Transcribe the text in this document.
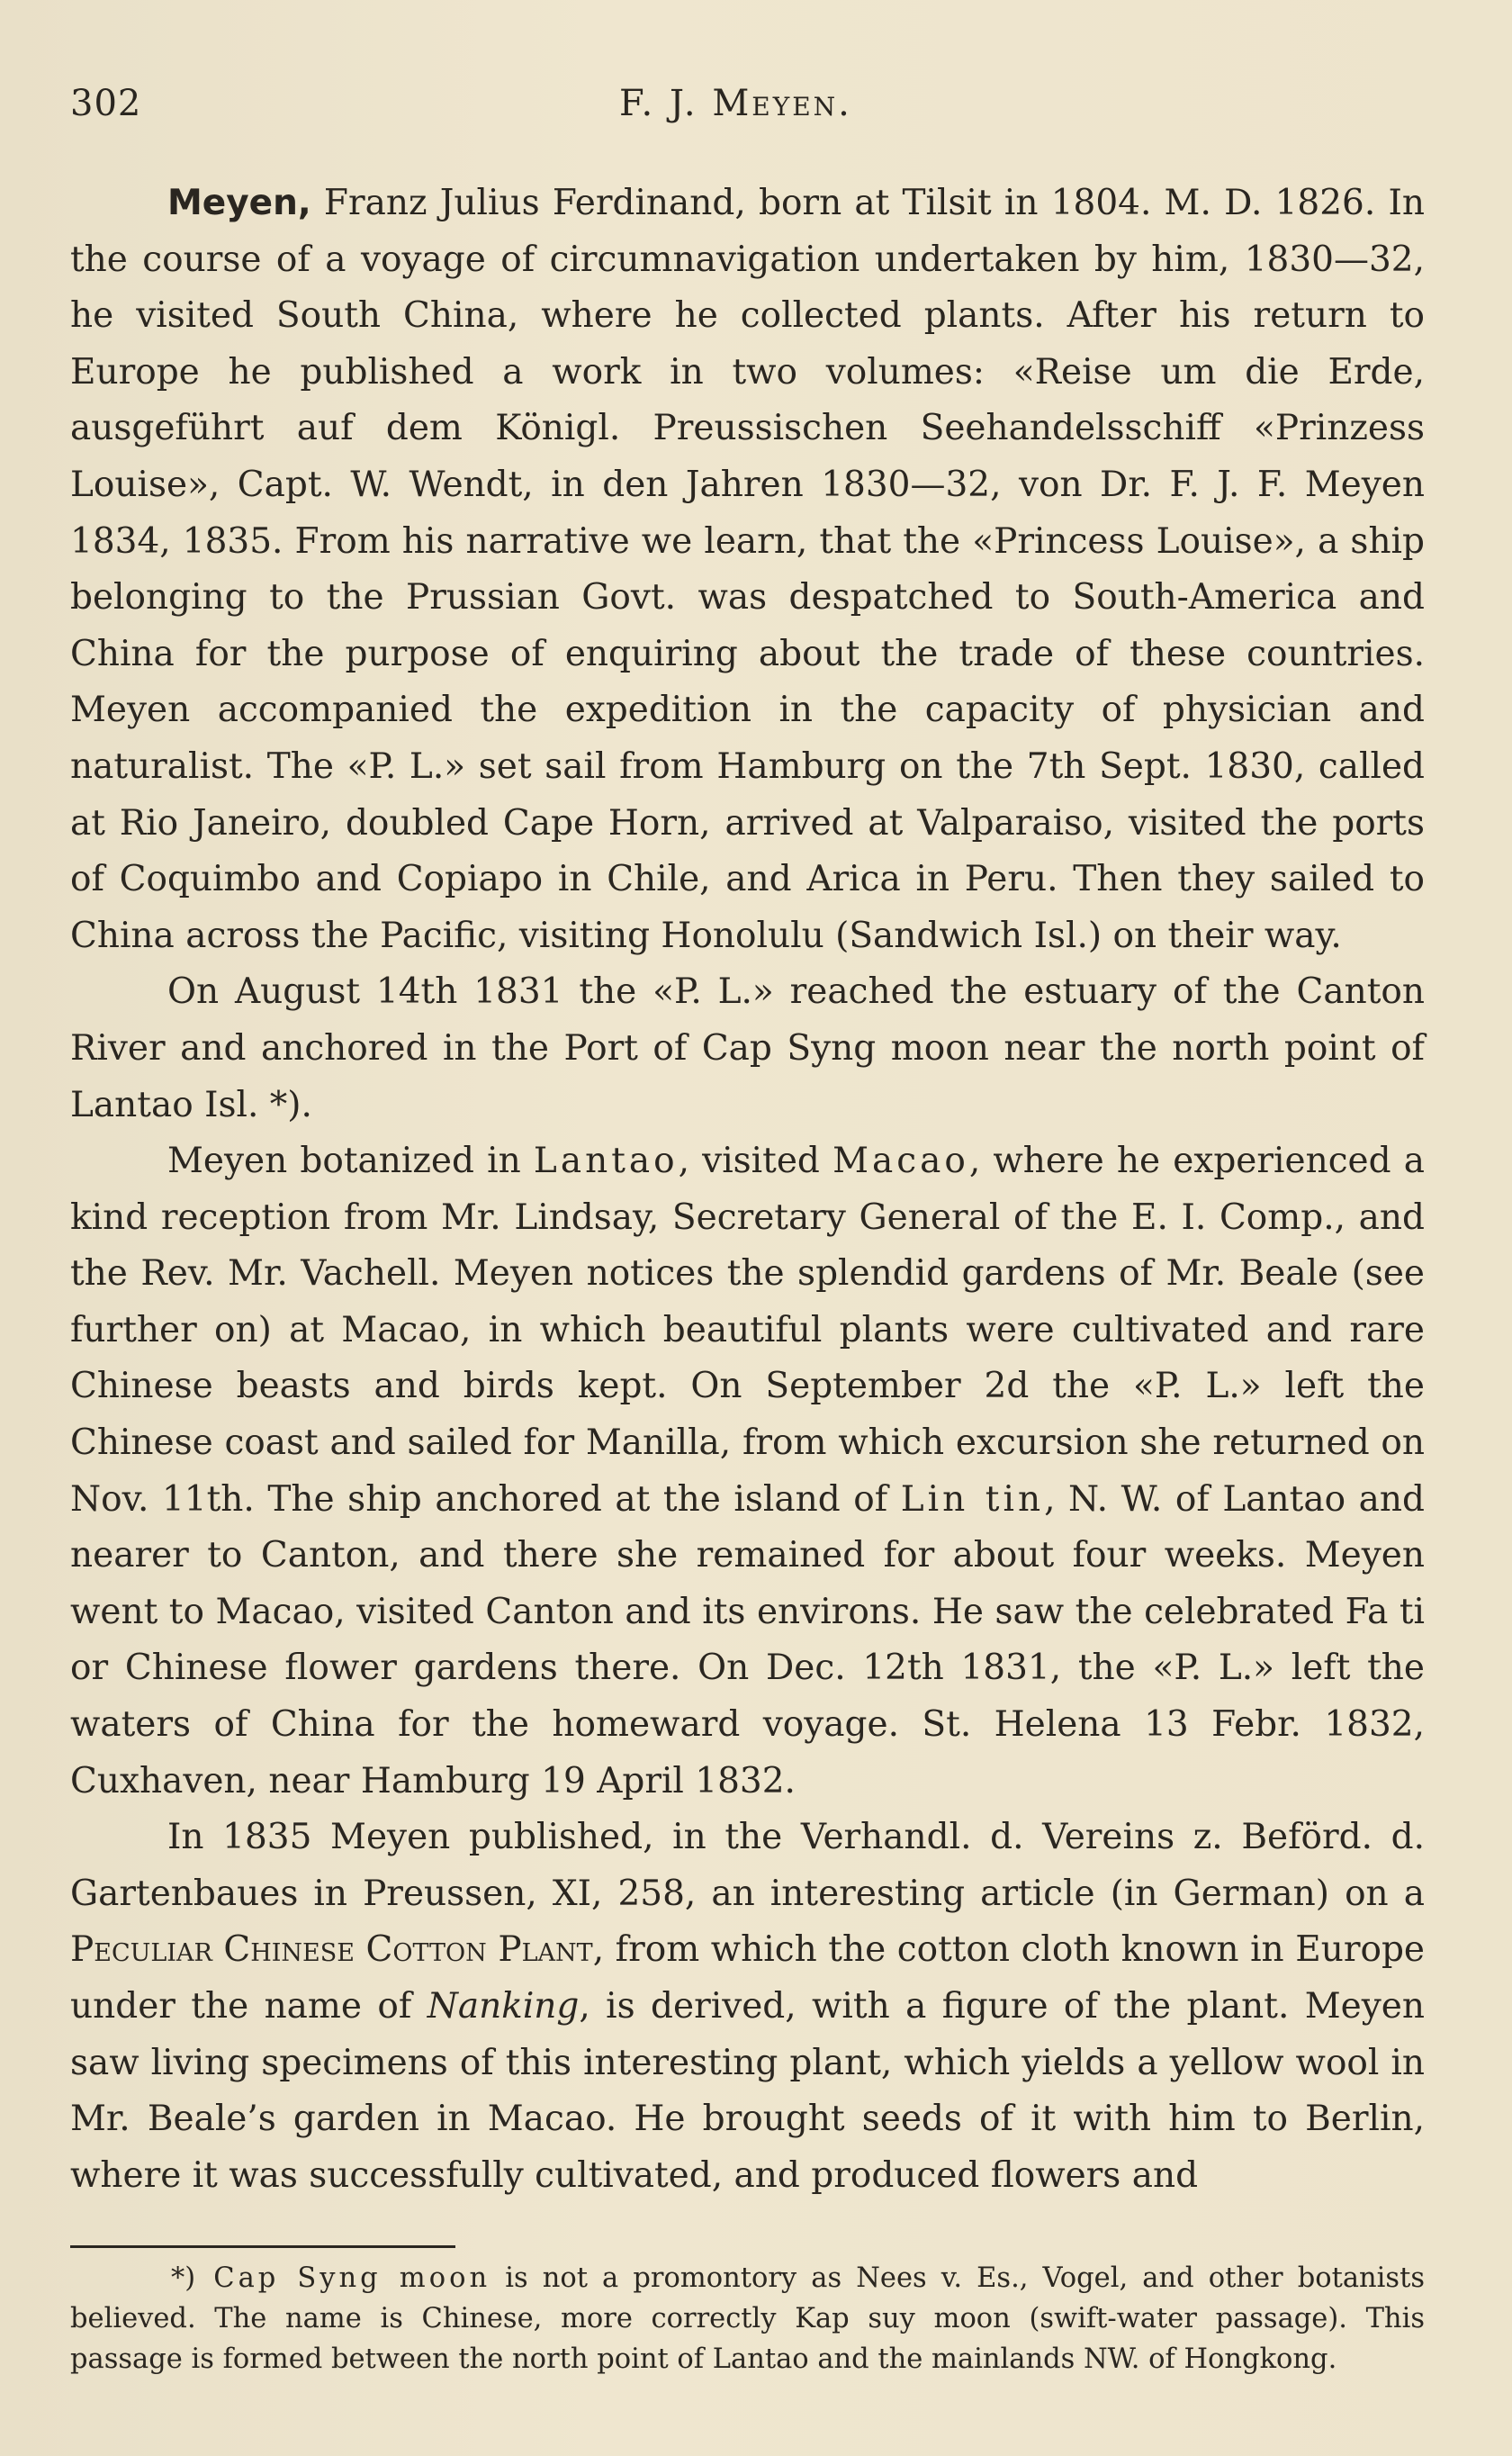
302	F. J. Meyen.

Meyen, Franz Julius Ferdinand, born at Tilsit in 1804. M. D. 1826. In the course of a voyage of circumnavigation undertaken by him, 1830—32, he visited South China, where he collected plants. After his return to Europe he published a work in two volumes: «Reise um die Erde, ausgeführt auf dem Königl. Preussischen Seehandelsschiff «Prinzess Louise», Capt. W. Wendt, in den Jahren 1830—32, von Dr. F. J. F. Meyen 1834, 1835. From his narrative we learn, that the «Princess Louise», a ship belonging to the Prussian Govt. was despatched to South-America and China for the purpose of enquiring about the trade of these countries. Meyen accompanied the expedition in the capacity of physician and naturalist. The «P. L.» set sail from Hamburg on the 7th Sept. 1830, called at Rio Janeiro, doubled Cape Horn, arrived at Valparaiso, visited the ports of Coquimbo and Copiapo in Chile, and Arica in Peru. Then they sailed to China across the Pacific, visiting Honolulu (Sandwich Isl.) on their way.

On August 14th 1831 the «P. L.» reached the estuary of the Canton River and anchored in the Port of Cap Syng moon near the north point of Lantao Isl. *).

Meyen botanized in Lantao, visited Macao, where he experienced a kind reception from Mr. Lindsay, Secretary General of the E. I. Comp., and the Rev. Mr. Vachell. Meyen notices the splendid gardens of Mr. Beale (see further on) at Macao, in which beautiful plants were cultivated and rare Chinese beasts and birds kept. On September 2d the «P. L.» left the Chinese coast and sailed for Manilla, from which excursion she returned on Nov. 11th. The ship anchored at the island of Lin tin, N. W. of Lantao and nearer to Canton, and there she remained for about four weeks. Meyen went to Macao, visited Canton and its environs. He saw the celebrated Fa ti or Chinese flower gardens there. On Dec. 12th 1831, the «P. L.» left the waters of China for the homeward voyage. St. Helena 13 Febr. 1832, Cuxhaven, near Hamburg 19 April 1832.

In 1835 Meyen published, in the Verhandl. d. Vereins z. Beförd. d. Gartenbaues in Preussen, XI, 258, an interesting article (in German) on a Peculiar Chinese Cotton Plant, from which the cotton cloth known in Europe under the name of Nanking, is derived, with a figure of the plant. Meyen saw living specimens of this interesting plant, which yields a yellow wool in Mr. Beale’s garden in Macao. He brought seeds of it with him to Berlin, where it was successfully cultivated, and produced flowers and

*) Cap Syng moon is not a promontory as Nees v. Es., Vogel, and other botanists believed. The name is Chinese, more correctly Kap suy moon (swift-water passage). This passage is formed between the north point of Lantao and the mainlands NW. of Hongkong.
